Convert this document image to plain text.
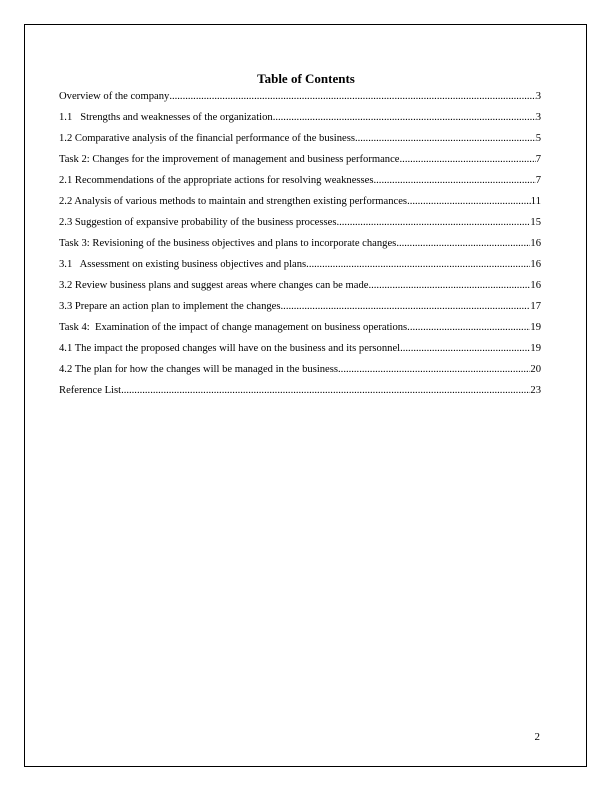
Table of Contents
Overview of the company .....	3
1.1   Strengths and weaknesses of the organization .....	3
1.2 Comparative analysis of the financial performance of the business .....	5
Task 2: Changes for the improvement of management and business performance .....	7
2.1 Recommendations of the appropriate actions for resolving weaknesses .....	7
2.2 Analysis of various methods to maintain and strengthen existing performances .....	11
2.3 Suggestion of expansive probability of the business processes .....	15
Task 3: Revisioning of the business objectives and plans to incorporate changes .....	16
3.1   Assessment on existing business objectives and plans .....	16
3.2 Review business plans and suggest areas where changes can be made .....	16
3.3 Prepare an action plan to implement the changes .....	17
Task 4:  Examination of the impact of change management on business operations .....	19
4.1 The impact the proposed changes will have on the business and its personnel .....	19
4.2 The plan for how the changes will be managed in the business .....	20
Reference List .....	23
2
